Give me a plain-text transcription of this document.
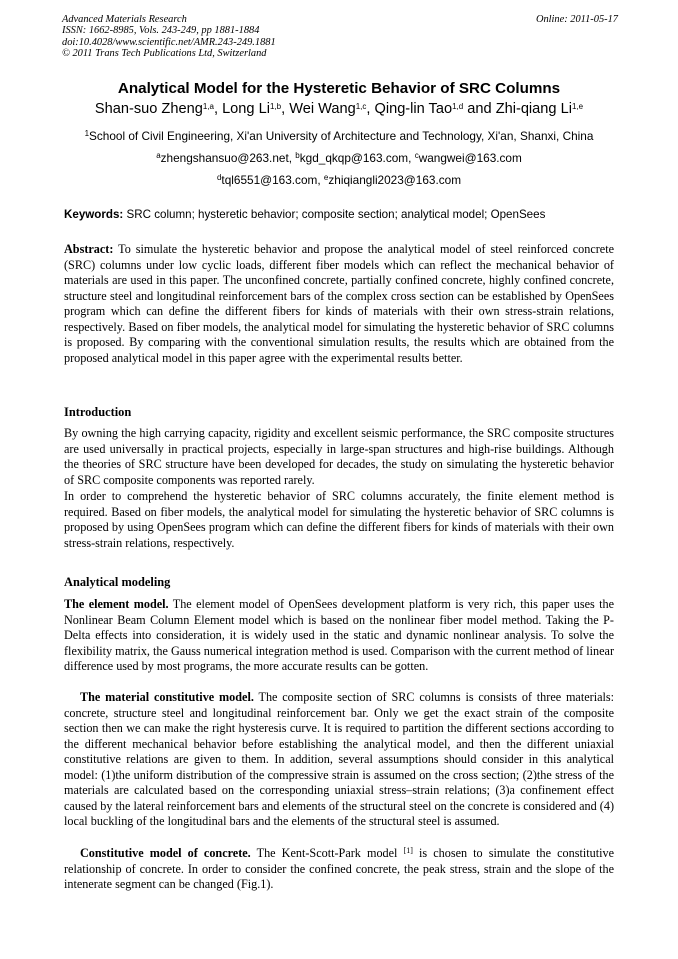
Advanced Materials Research
ISSN: 1662-8985, Vols. 243-249, pp 1881-1884
doi:10.4028/www.scientific.net/AMR.243-249.1881
© 2011 Trans Tech Publications Ltd, Switzerland
Online: 2011-05-17
Analytical Model for the Hysteretic Behavior of SRC Columns
Shan-suo Zheng$^{1,a}$, Long Li$^{1,b}$, Wei Wang$^{1,c}$, Qing-lin Tao$^{1,d}$ and Zhi-qiang Li$^{1,e}$
$^1$School of Civil Engineering, Xi'an University of Architecture and Technology, Xi'an, Shanxi, China
$^a$zhengshansuo@263.net, $^b$kgd_qkqp@163.com, $^c$wangwei@163.com
$^d$tql6551@163.com, $^e$zhiqiangli2023@163.com
Keywords: SRC column; hysteretic behavior; composite section; analytical model; OpenSees
Abstract: To simulate the hysteretic behavior and propose the analytical model of steel reinforced concrete (SRC) columns under low cyclic loads, different fiber models which can reflect the mechanical behavior of materials are used in this paper. The unconfined concrete, partially confined concrete, highly confined concrete, structure steel and longitudinal reinforcement bars of the complex cross section can be established by OpenSees program which can define the different fibers for kinds of materials with their own stress-strain relations, respectively. Based on fiber models, the analytical model for simulating the hysteretic behavior of SRC columns is proposed. By comparing with the conventional simulation results, the results which are obtained from the proposed analytical model in this paper agree with the experimental results better.
Introduction
By owning the high carrying capacity, rigidity and excellent seismic performance, the SRC composite structures are used universally in practical projects, especially in large-span structures and high-rise buildings. Although the theories of SRC structure have been developed for decades, the study on simulating the hysteretic behavior of SRC composite components was reported rarely.
In order to comprehend the hysteretic behavior of SRC columns accurately, the finite element method is required. Based on fiber models, the analytical model for simulating the hysteretic behavior of SRC columns is proposed by using OpenSees program which can define the different fibers for kinds of materials with their own stress-strain relations, respectively.
Analytical modeling
The element model. The element model of OpenSees development platform is very rich, this paper uses the Nonlinear Beam Column Element model which is based on the nonlinear fiber model method. Taking the P-Delta effects into consideration, it is widely used in the static and dynamic nonlinear analysis. To solve the flexibility matrix, the Gauss numerical integration method is used. Comparison with the current method of linear difference used by most programs, the more accurate results can be gotten.
The material constitutive model. The composite section of SRC columns is consists of three materials: concrete, structure steel and longitudinal reinforcement bar. Only we get the exact strain of the composite section then we can make the right hysteresis curve. It is required to partition the different sections according to the different mechanical behavior before establishing the analytical model, and then the different uniaxial constitutive relations are given to them. In addition, several assumptions should consider in this analytical model: (1)the uniform distribution of the compressive strain is assumed on the cross section; (2)the stress of the materials are calculated based on the corresponding uniaxial stress–strain relations; (3)a confinement effect caused by the lateral reinforcement bars and elements of the structural steel on the concrete is considered and (4) local buckling of the longitudinal bars and the elements of the structural steel is assumed.
Constitutive model of concrete. The Kent-Scott-Park model [1] is chosen to simulate the constitutive relationship of concrete. In order to consider the confined concrete, the peak stress, strain and the slope of the intenerate segment can be changed (Fig.1).
